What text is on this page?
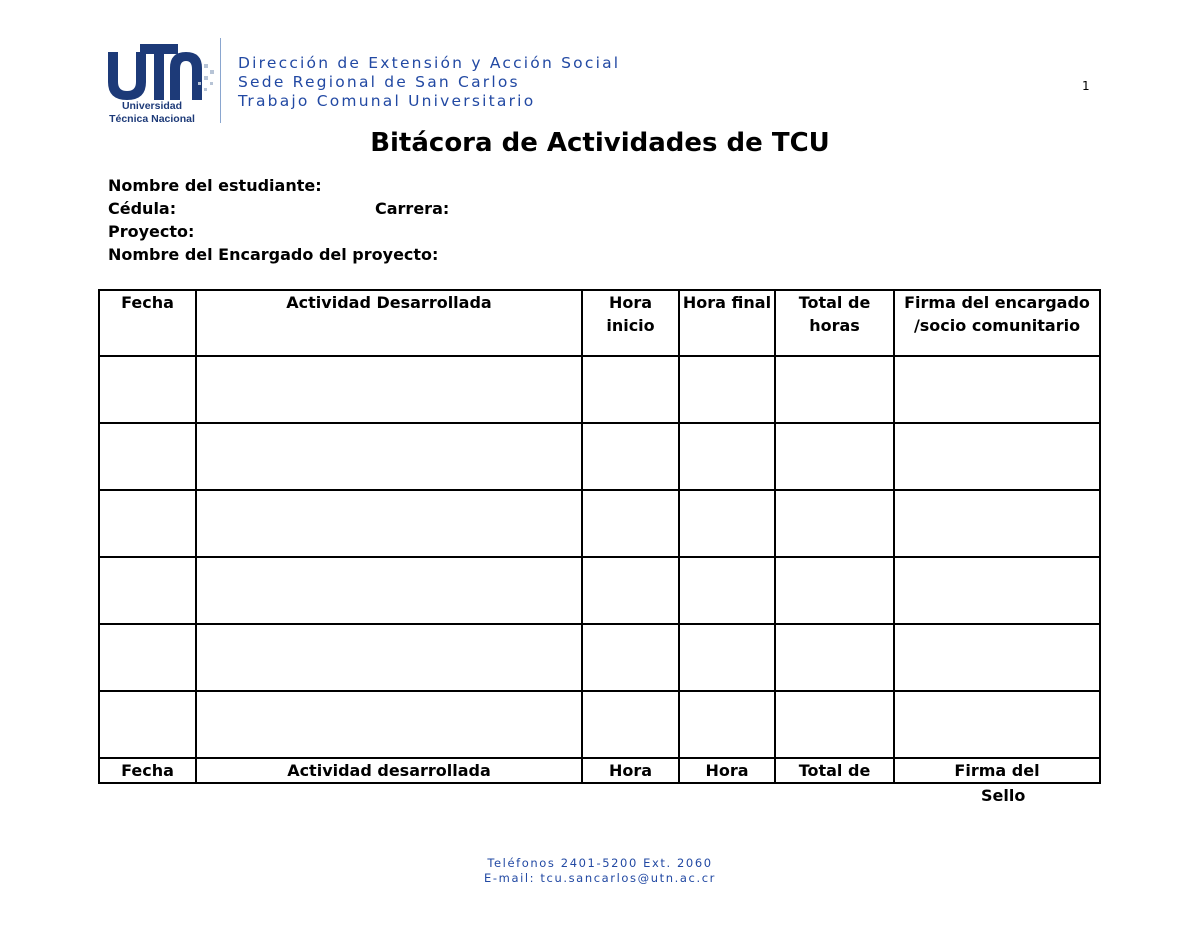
Universidad
Técnica Nacional
Dirección de Extensión y Acción Social
Sede Regional de San Carlos
Trabajo Comunal Universitario
1
Bitácora de Actividades de TCU
Nombre del estudiante:
Cédula:	Carrera:
Proyecto:
Nombre del Encargado del proyecto:
Fecha	Actividad Desarrollada	Hora inicio	Hora final	Total de horas	Firma del encargado /socio comunitario

Fecha	Actividad desarrollada	Hora	Hora	Total de	Firma del
Sello
Teléfonos 2401-5200 Ext. 2060
E-mail: tcu.sancarlos@utn.ac.cr
